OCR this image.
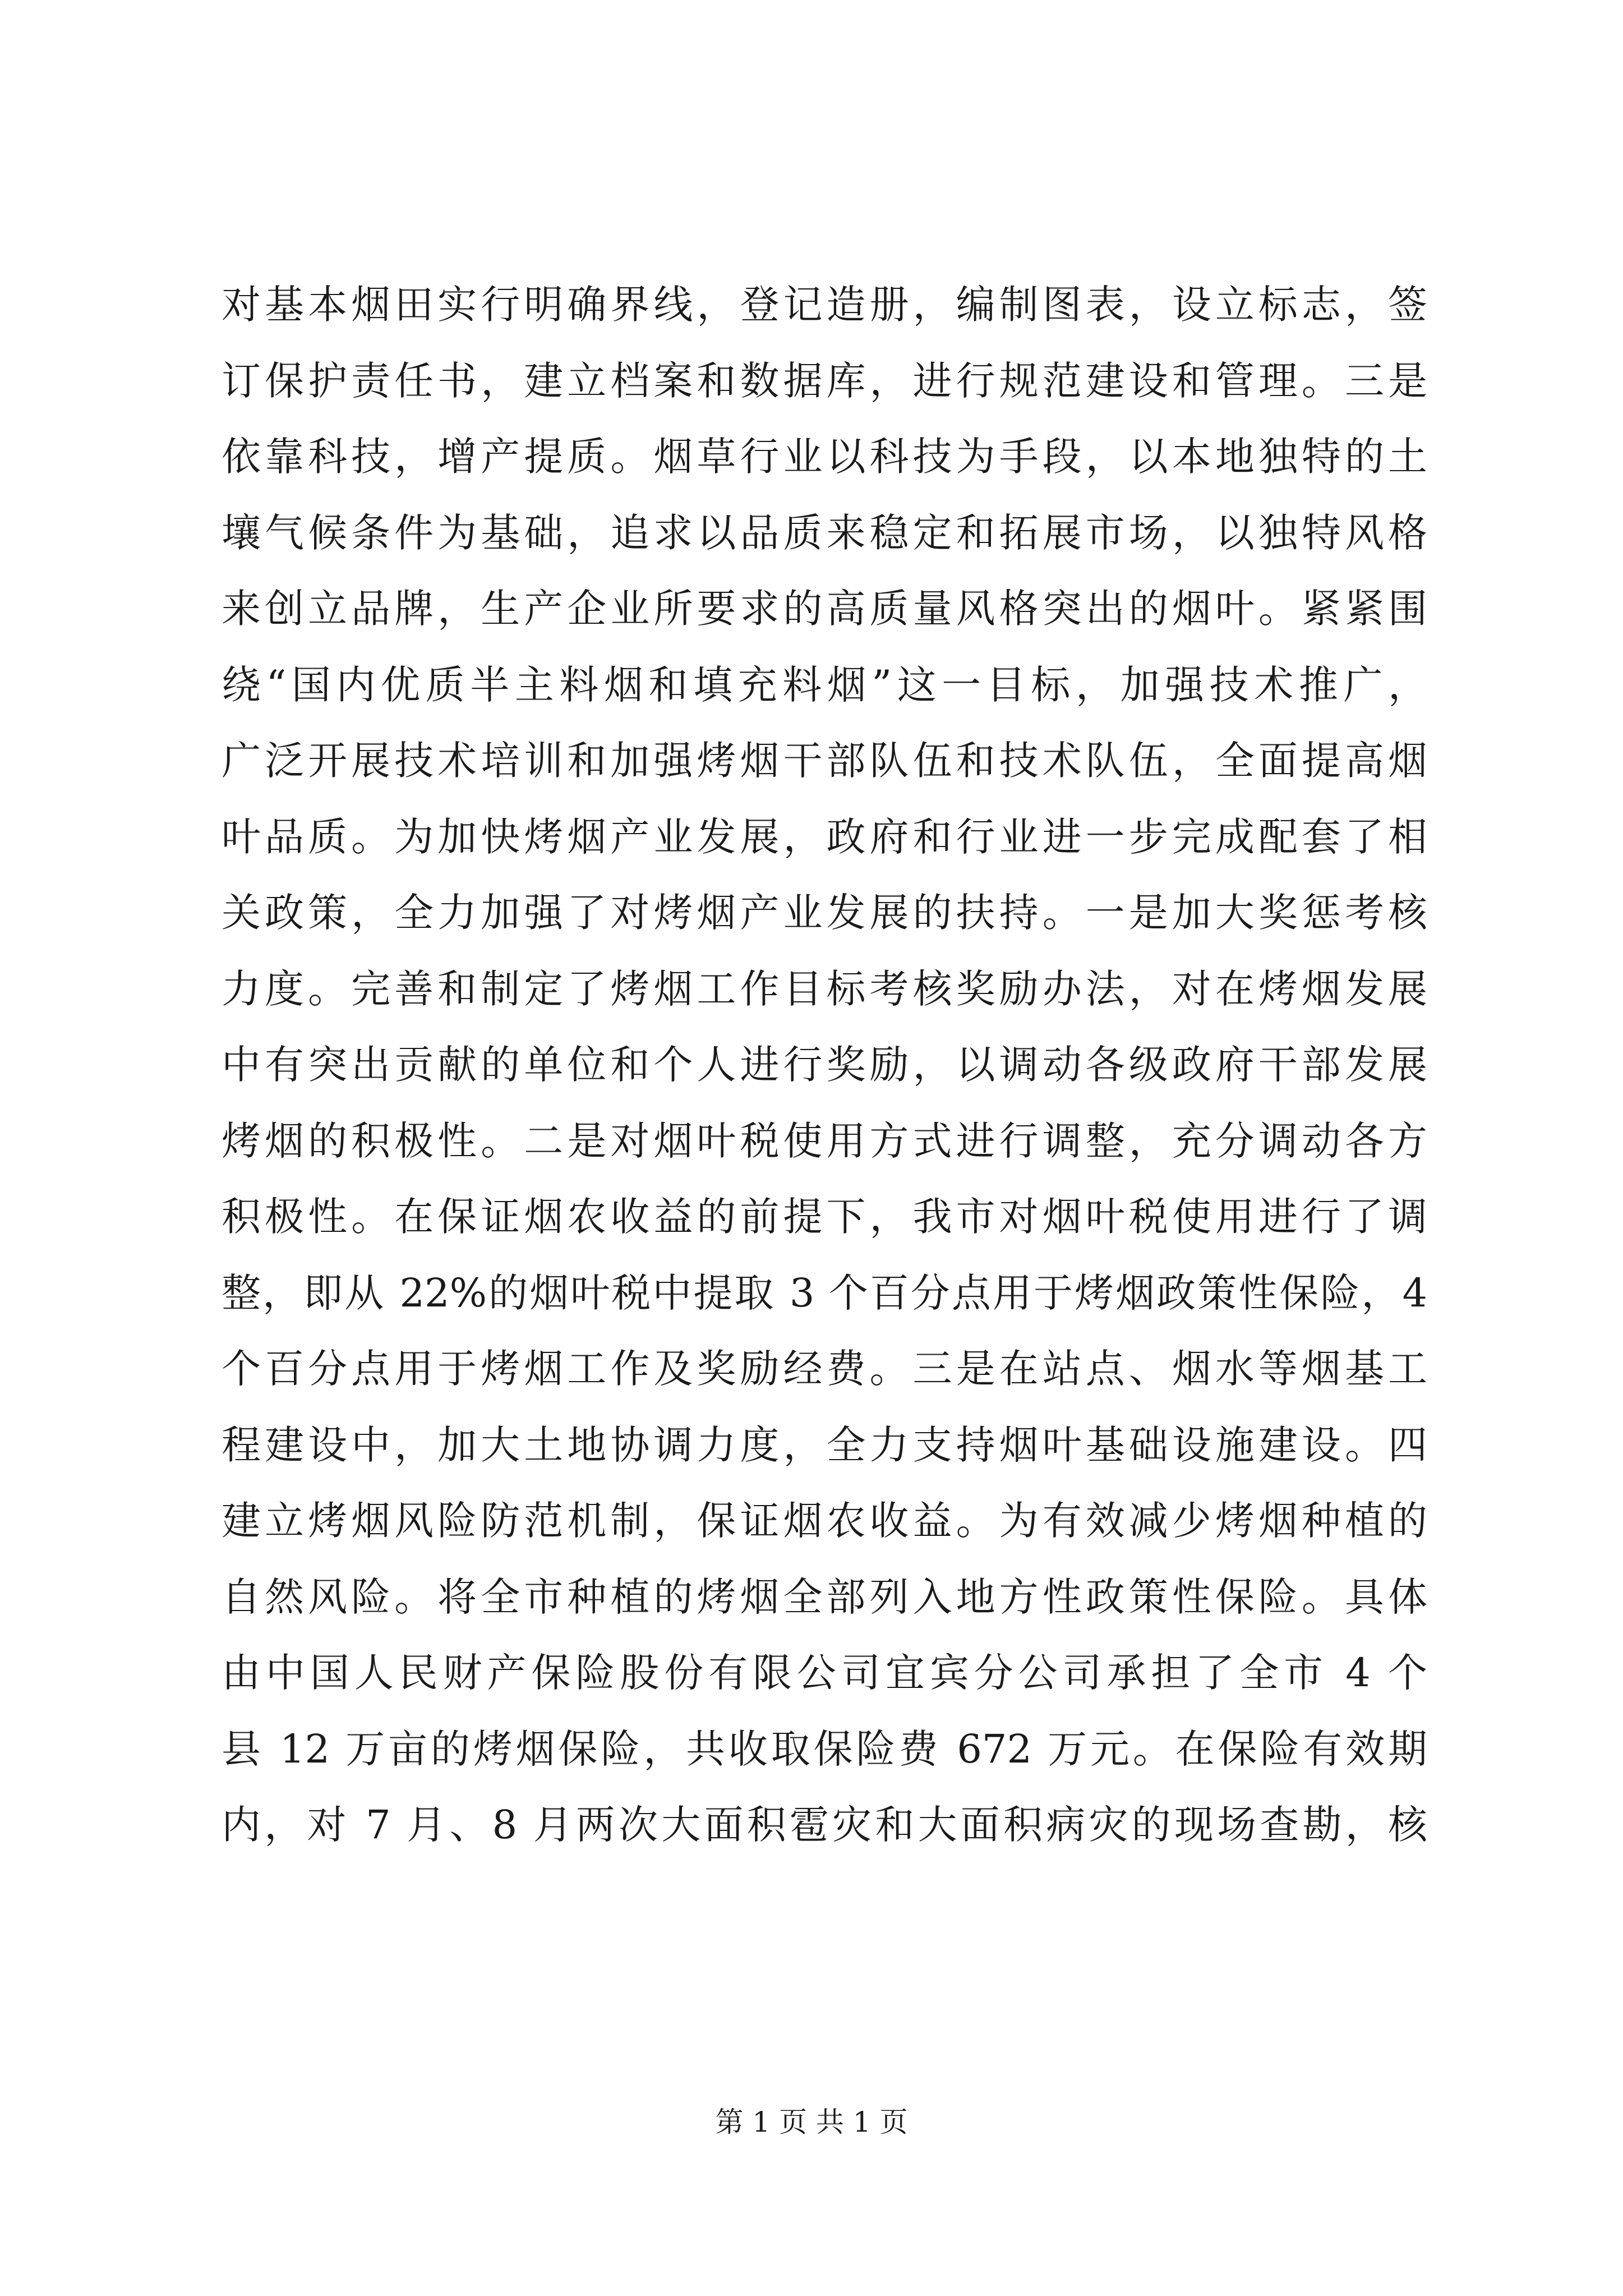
对基本烟田实行明确界线，登记造册，编制图表，设立标志，签
订保护责任书，建立档案和数据库，进行规范建设和管理。三是
依靠科技，增产提质。烟草行业以科技为手段，以本地独特的土
壤气候条件为基础，追求以品质来稳定和拓展市场，以独特风格
来创立品牌，生产企业所要求的高质量风格突出的烟叶。紧紧围
绕“国内优质半主料烟和填充料烟”这一目标，加强技术推广，
广泛开展技术培训和加强烤烟干部队伍和技术队伍，全面提高烟
叶品质。为加快烤烟产业发展，政府和行业进一步完成配套了相
关政策，全力加强了对烤烟产业发展的扶持。一是加大奖惩考核
力度。完善和制定了烤烟工作目标考核奖励办法，对在烤烟发展
中有突出贡献的单位和个人进行奖励，以调动各级政府干部发展
烤烟的积极性。二是对烟叶税使用方式进行调整，充分调动各方
积极性。在保证烟农收益的前提下，我市对烟叶税使用进行了调
整，即从 22%的烟叶税中提取 3 个百分点用于烤烟政策性保险，4
个百分点用于烤烟工作及奖励经费。三是在站点、烟水等烟基工
程建设中，加大土地协调力度，全力支持烟叶基础设施建设。四
建立烤烟风险防范机制，保证烟农收益。为有效减少烤烟种植的
自然风险。将全市种植的烤烟全部列入地方性政策性保险。具体
由中国人民财产保险股份有限公司宜宾分公司承担了全市 4 个
县 12 万亩的烤烟保险，共收取保险费 672 万元。在保险有效期
内，对 7 月、8 月两次大面积雹灾和大面积病灾的现场查勘，核
第 1 页 共 1 页
